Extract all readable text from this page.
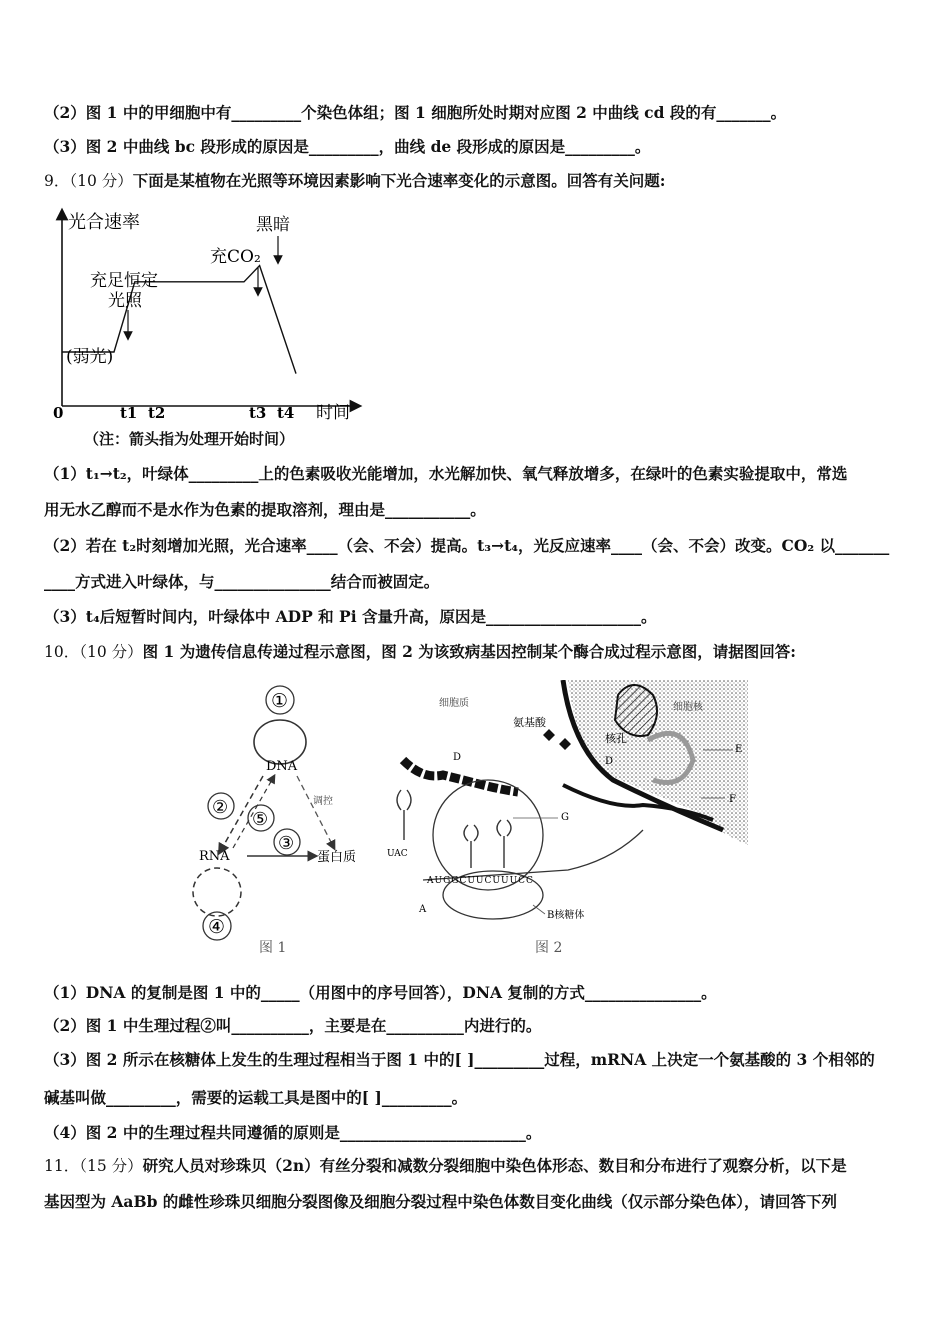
（2）图 1 中的甲细胞中有_________个染色体组；图 1 细胞所处时期对应图 2 中曲线 cd 段的有_______。
（3）图 2 中曲线 bc 段形成的原因是_________，曲线 de 段形成的原因是_________。
9．（10 分）下面是某植物在光照等环境因素影响下光合速率变化的示意图。回答有关问题:
光合速率
时间
0	t1 t2	t3 t4
(弱光)
充足恒定
光照
充CO₂
黑暗
（注：箭头指为处理开始时间）
（1）t₁→t₂，叶绿体_________上的色素吸收光能增加，水光解加快、氧气释放增多，在绿叶的色素实验提取中，常选
用无水乙醇而不是水作为色素的提取溶剂，理由是___________。
（2）若在 t₂时刻增加光照，光合速率____（会、不会）提高。t₃→t₄，光反应速率____（会、不会）改变。CO₂ 以_______
____方式进入叶绿体，与_______________结合而被固定。
（3）t₄后短暂时间内，叶绿体中 ADP 和 Pi 含量升高，原因是____________________。
10．（10 分）图 1 为遗传信息传递过程示意图，图 2 为该致病基因控制某个酶合成过程示意图，请据图回答:
①
DNA
调控
②
⑤
③
RNA	蛋白质
④
图 1
细胞核
核孔
D
E
F
细胞质
氨基酸
D
AUGGCUUCUUUCC
UAC
G
A
B核糖体
图 2
（1）DNA 的复制是图 1 中的_____（用图中的序号回答），DNA 复制的方式_______________。
（2）图 1 中生理过程②叫__________，主要是在__________内进行的。
（3）图 2 所示在核糖体上发生的生理过程相当于图 1 中的[ ]_________过程，mRNA 上决定一个氨基酸的 3 个相邻的
碱基叫做_________，需要的运载工具是图中的[ ]_________。
（4）图 2 中的生理过程共同遵循的原则是________________________。
11．（15 分）研究人员对珍珠贝（2n）有丝分裂和减数分裂细胞中染色体形态、数目和分布进行了观察分析，以下是
基因型为 AaBb 的雌性珍珠贝细胞分裂图像及细胞分裂过程中染色体数目变化曲线（仅示部分染色体），请回答下列
